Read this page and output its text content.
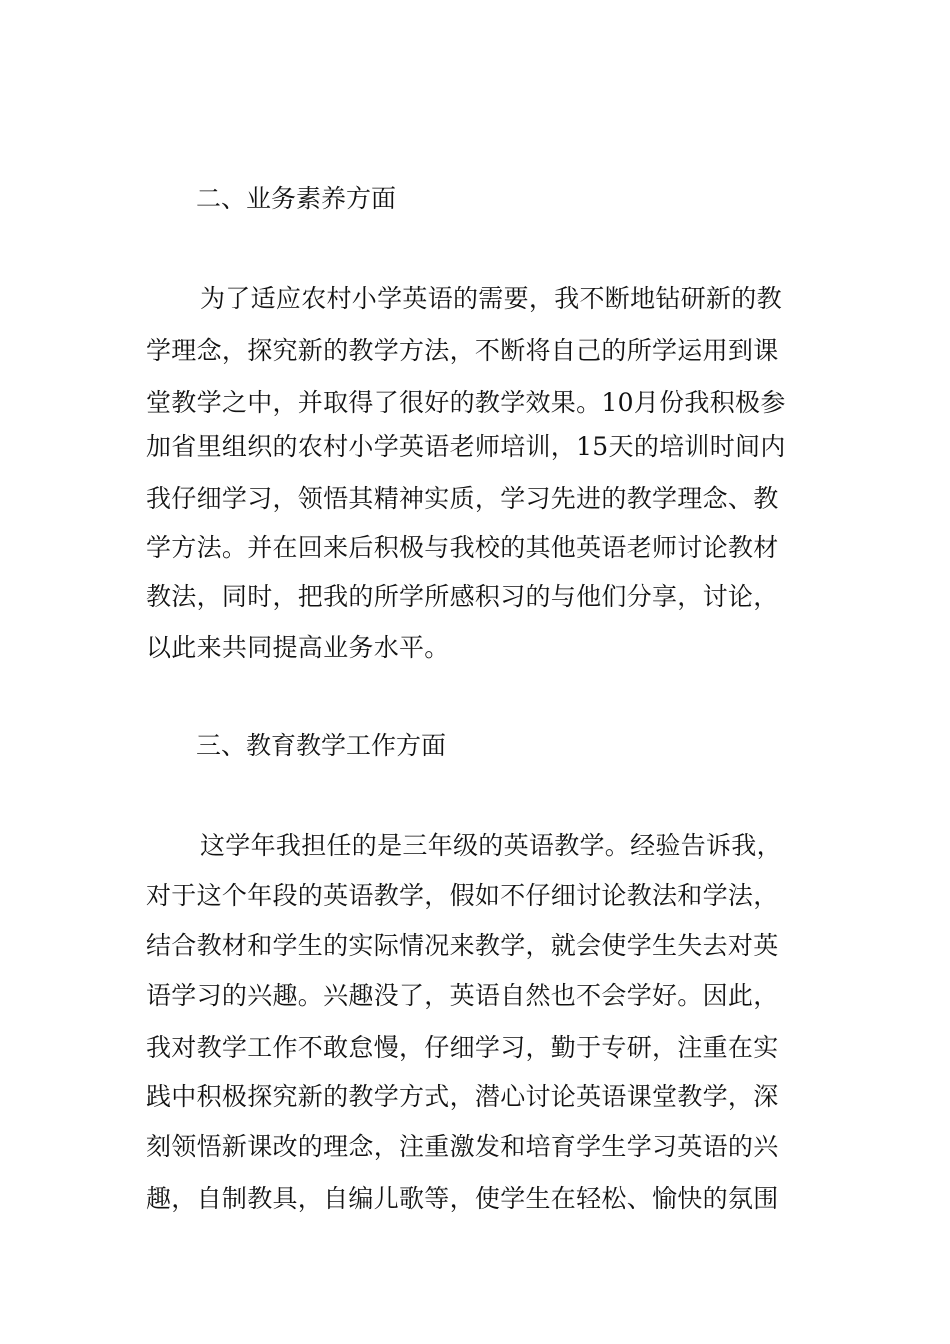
二、业务素养方面
为了适应农村小学英语的需要，我不断地钻研新的教
学理念，探究新的教学方法，不断将自己的所学运用到课
堂教学之中，并取得了很好的教学效果。10月份我积极参
加省里组织的农村小学英语老师培训，15天的培训时间内
我仔细学习，领悟其精神实质，学习先进的教学理念、教
学方法。并在回来后积极与我校的其他英语老师讨论教材
教法，同时，把我的所学所感积习的与他们分享，讨论，
以此来共同提高业务水平。
三、教育教学工作方面
这学年我担任的是三年级的英语教学。经验告诉我，
对于这个年段的英语教学，假如不仔细讨论教法和学法，
结合教材和学生的实际情况来教学，就会使学生失去对英
语学习的兴趣。兴趣没了，英语自然也不会学好。因此，
我对教学工作不敢怠慢，仔细学习，勤于专研，注重在实
践中积极探究新的教学方式，潜心讨论英语课堂教学，深
刻领悟新课改的理念，注重激发和培育学生学习英语的兴
趣，自制教具，自编儿歌等，使学生在轻松、愉快的氛围
